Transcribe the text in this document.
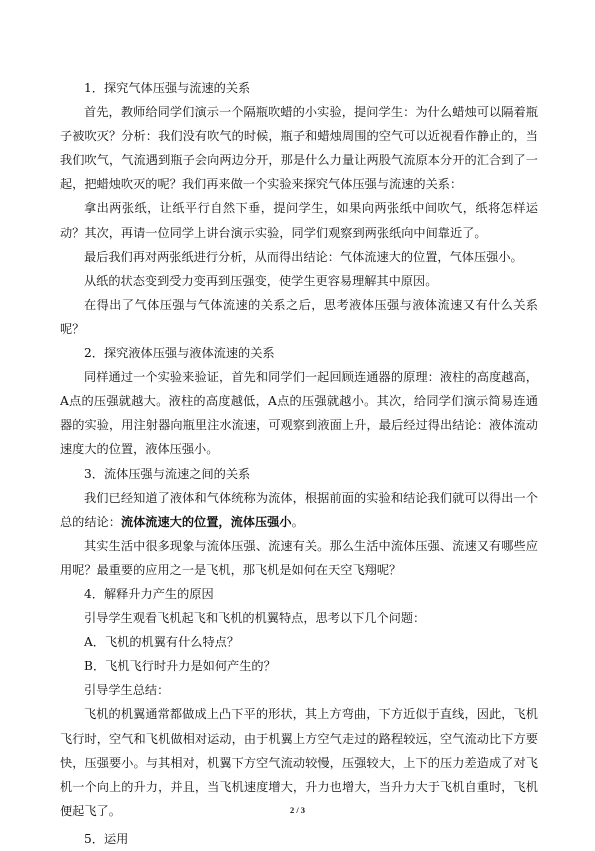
1．探究气体压强与流速的关系

首先，教师给同学们演示一个隔瓶吹蜡的小实验，提问学生：为什么蜡烛可以隔着瓶子被吹灭？分析：我们没有吹气的时候，瓶子和蜡烛周围的空气可以近视看作静止的，当我们吹气，气流遇到瓶子会向两边分开，那是什么力量让两股气流原本分开的汇合到了一起，把蜡烛吹灭的呢？我们再来做一个实验来探究气体压强与流速的关系：

拿出两张纸，让纸平行自然下垂，提问学生，如果向两张纸中间吹气，纸将怎样运动？其次，再请一位同学上讲台演示实验，同学们观察到两张纸向中间靠近了。

最后我们再对两张纸进行分析，从而得出结论：气体流速大的位置，气体压强小。

从纸的状态变到受力变再到压强变，使学生更容易理解其中原因。

在得出了气体压强与气体流速的关系之后，思考液体压强与液体流速又有什么关系呢？

2．探究液体压强与液体流速的关系

同样通过一个实验来验证，首先和同学们一起回顾连通器的原理：液柱的高度越高，A点的压强就越大。液柱的高度越低，A点的压强就越小。其次，给同学们演示简易连通器的实验，用注射器向瓶里注水流速，可观察到液面上升，最后经过得出结论：液体流动速度大的位置，液体压强小。

3．流体压强与流速之间的关系

我们已经知道了液体和气体统称为流体，根据前面的实验和结论我们就可以得出一个总的结论：流体流速大的位置，流体压强小。

其实生活中很多现象与流体压强、流速有关。那么生活中流体压强、流速又有哪些应用呢？最重要的应用之一是飞机，那飞机是如何在天空飞翔呢？

4．解释升力产生的原因

引导学生观看飞机起飞和飞机的机翼特点，思考以下几个问题：

A．飞机的机翼有什么特点？

B．飞机飞行时升力是如何产生的？

引导学生总结：

飞机的机翼通常都做成上凸下平的形状，其上方弯曲，下方近似于直线，因此，飞机飞行时，空气和飞机做相对运动，由于机翼上方空气走过的路程较远，空气流动比下方要快，压强要小。与其相对，机翼下方空气流动较慢，压强较大，上下的压力差造成了对飞机一个向上的升力，并且，当飞机速度增大，升力也增大，当升力大于飞机自重时，飞机便起飞了。

5．运用

2 / 3
